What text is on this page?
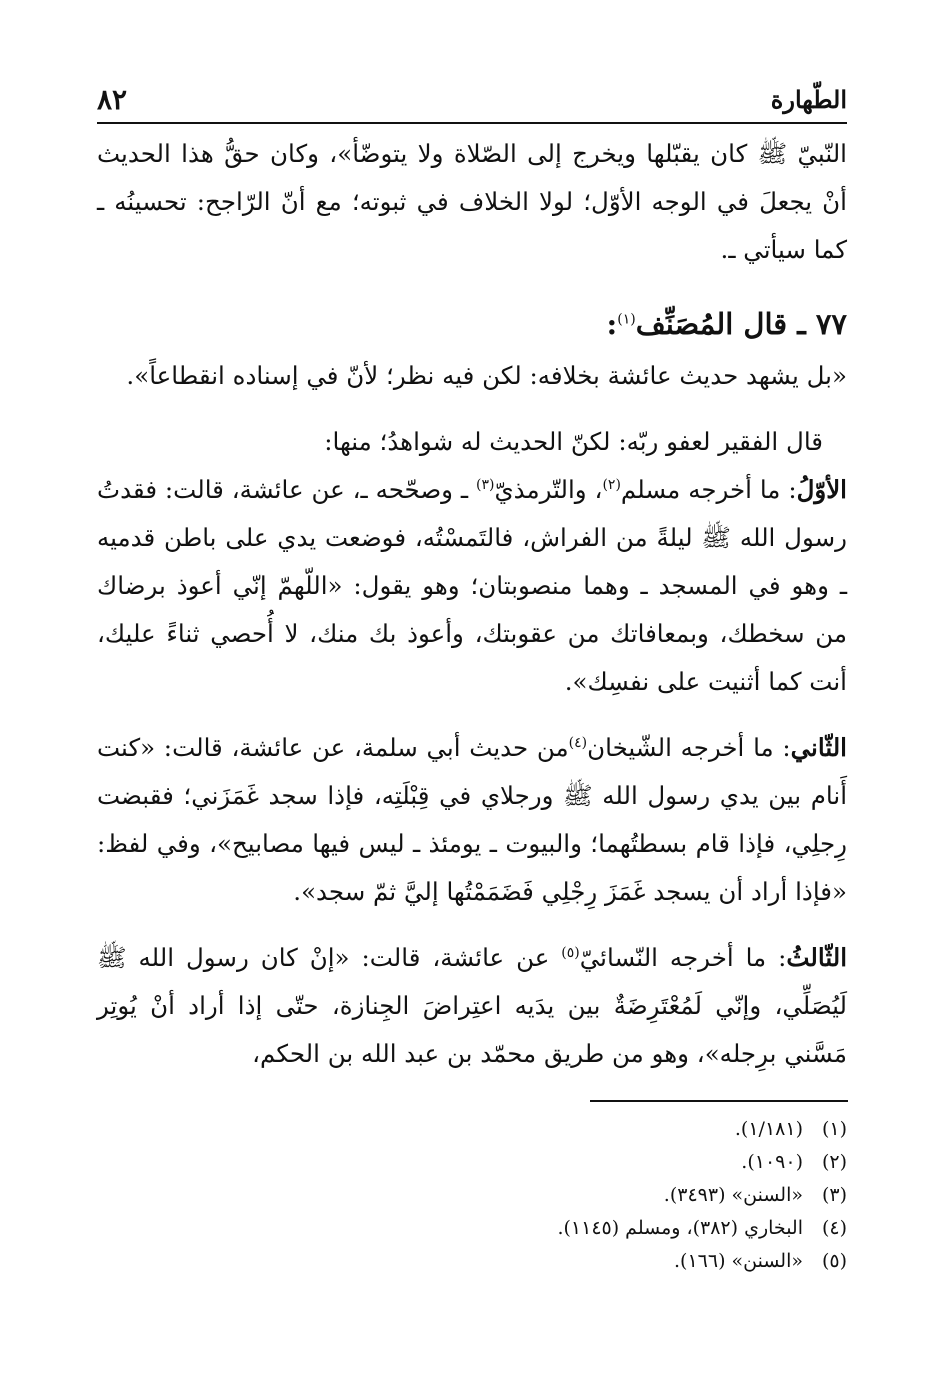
الطّهارة
٨٢

النّبيّ ﷺ كان يقبّلها ويخرج إلى الصّلاة ولا يتوضّأ»، وكان حقُّ هذا الحديث أنْ يجعلَ في الوجه الأوّل؛ لولا الخلاف في ثبوته؛ مع أنّ الرّاجح: تحسينُه ـ كما سيأتي ـ.

٧٧ ـ قال المُصَنِّف$^{(١)}$:

«بل يشهد حديث عائشة بخلافه: لكن فيه نظر؛ لأنّ في إسناده انقطاعاً».

قال الفقير لعفو ربّه: لكنّ الحديث له شواهدُ؛ منها:

الأوّلُ: ما أخرجه مسلم$^{(٢)}$، والتّرمذيّ$^{(٣)}$ ـ وصحّحه ـ، عن عائشة، قالت: فقدتُ رسول الله ﷺ ليلةً من الفراش، فالتَمسْتُه، فوضعت يدي على باطن قدميه ـ وهو في المسجد ـ وهما منصوبتان؛ وهو يقول: «اللّهمّ إنّي أعوذ برضاك من سخطك، وبمعافاتك من عقوبتك، وأعوذ بك منك، لا أُحصي ثناءً عليك، أنت كما أثنيت على نفسِك».

الثّاني: ما أخرجه الشّيخان$^{(٤)}$من حديث أبي سلمة، عن عائشة، قالت: «كنت أَنام بين يدي رسول الله ﷺ ورجلاي في قِبْلَتِه، فإذا سجد غَمَزَني؛ فقبضت رِجلِي، فإذا قام بسطتُهما؛ والبيوت ـ يومئذ ـ ليس فيها مصابيح»، وفي لفظ: «فإذا أراد أن يسجد غَمَزَ رِجْلِي فَضَمَمْتُها إليَّ ثمّ سجد».

الثّالثُ: ما أخرجه النّسائيّ$^{(٥)}$ عن عائشة، قالت: «إنْ كان رسول الله ﷺ لَيُصَلِّي، وإنّي لَمُعْتَرِضَةٌ بين يدَيه اعتِراضَ الجِنازة، حتّى إذا أراد أنْ يُوتِر مَسَّني برِجله»، وهو من طريق محمّد بن عبد الله بن الحكم،

(١)
(١/١٨١).
(٢)
(١٠٩٠).
(٣)
«السنن» (٣٤٩٣).
(٤)
البخاري (٣٨٢)، ومسلم (١١٤٥).
(٥)
«السنن» (١٦٦).
